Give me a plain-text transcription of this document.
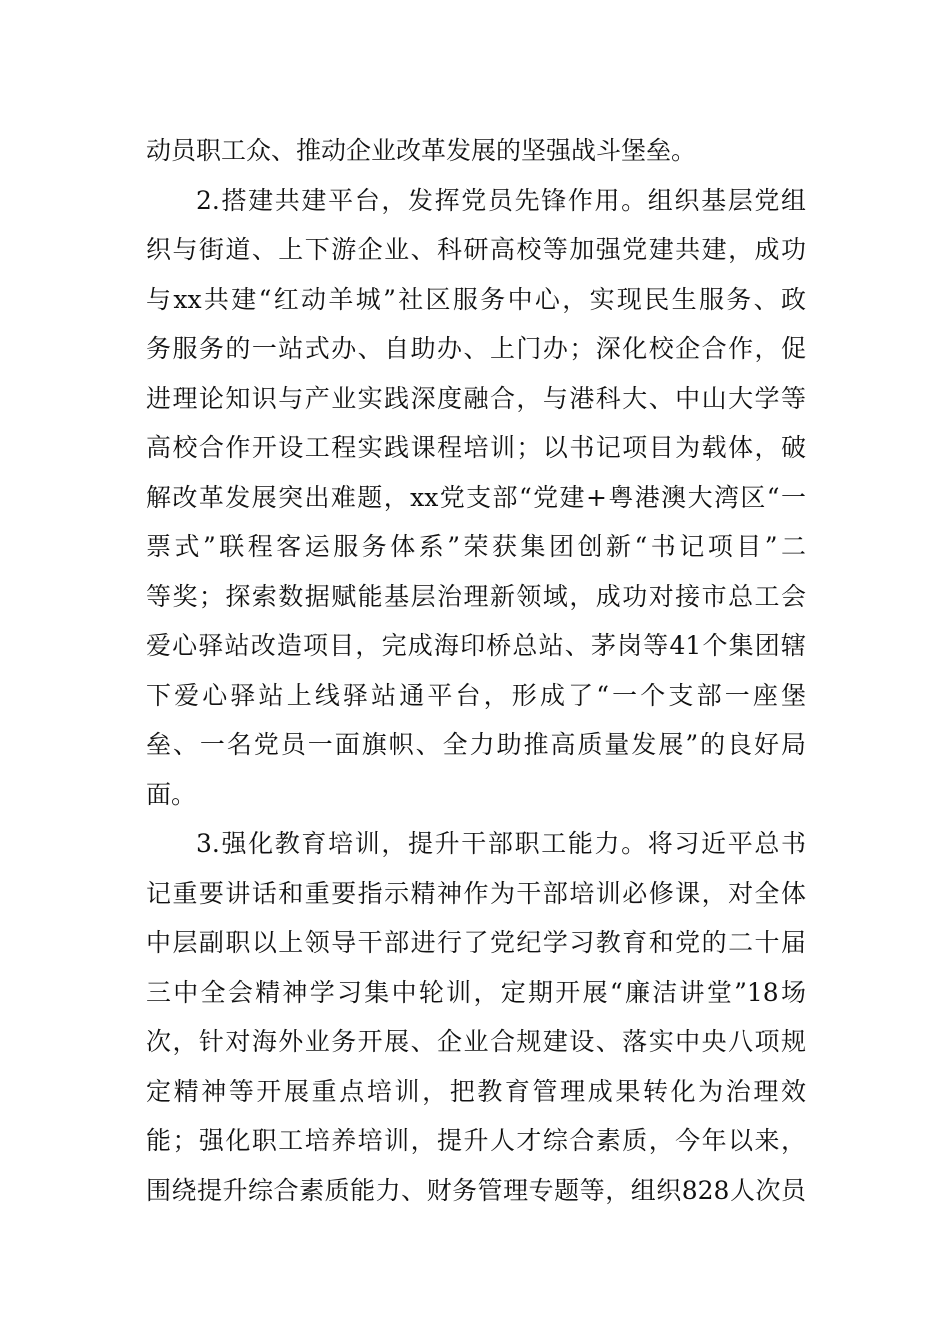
动员职工众、推动企业改革发展的坚强战斗堡垒。
2.搭建共建平台，发挥党员先锋作用。组织基层党组
织与街道、上下游企业、科研高校等加强党建共建，成功
与xx共建“红动羊城”社区服务中心，实现民生服务、政
务服务的一站式办、自助办、上门办；深化校企合作，促
进理论知识与产业实践深度融合，与港科大、中山大学等
高校合作开设工程实践课程培训；以书记项目为载体，破
解改革发展突出难题，xx党支部“党建+粤港澳大湾区“一
票式”联程客运服务体系”荣获集团创新“书记项目”二
等奖；探索数据赋能基层治理新领域，成功对接市总工会
爱心驿站改造项目，完成海印桥总站、茅岗等41个集团辖
下爱心驿站上线驿站通平台，形成了“一个支部一座堡
垒、一名党员一面旗帜、全力助推高质量发展”的良好局
面。
3.强化教育培训，提升干部职工能力。将习近平总书
记重要讲话和重要指示精神作为干部培训必修课，对全体
中层副职以上领导干部进行了党纪学习教育和党的二十届
三中全会精神学习集中轮训，定期开展“廉洁讲堂”18场
次，针对海外业务开展、企业合规建设、落实中央八项规
定精神等开展重点培训，把教育管理成果转化为治理效
能；强化职工培养培训，提升人才综合素质，今年以来，
围绕提升综合素质能力、财务管理专题等，组织828人次员
